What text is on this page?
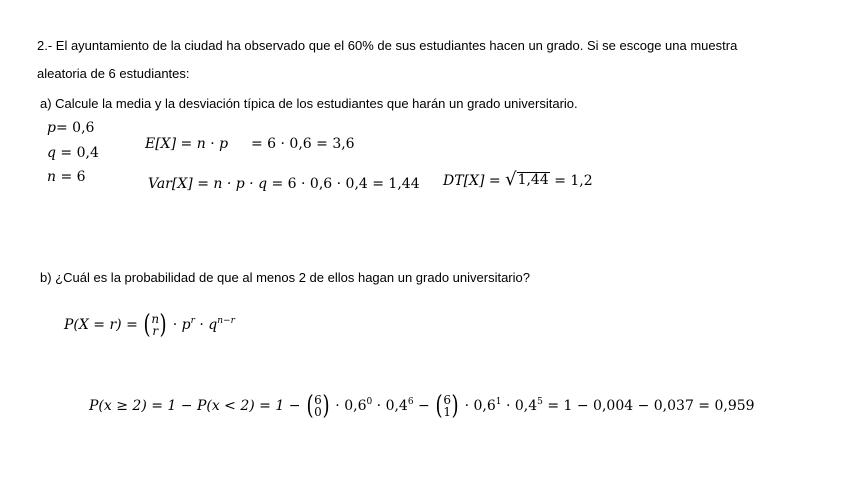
2.- El ayuntamiento de la ciudad ha observado que el 60% de sus estudiantes hacen un grado. Si se escoge una muestra
aleatoria de 6 estudiantes:
a) Calcule la media y la desviación típica de los estudiantes que harán un grado universitario.
p= 0,6
q = 0,4
n = 6
E[X] = n · p = 6 · 0,6 = 3,6
Var[X] = n · p · q = 6 · 0,6 · 0,4 = 1,44 DT[X] = √ 1,44 = 1,2
b) ¿Cuál es la probabilidad de que al menos 2 de ellos hagan un grado universitario?
P(X = r) = ( n
r ) · $p^r \cdot q^{n-r}$
P(x ≥ 2) = 1 − P(x < 2) = 1 − ( 6
0 ) · $0,6^0 \cdot 0,4^6$ − ( 6
1 ) · $0,6^1 \cdot 0,4^5 = 1 - 0,004 - 0,037 = 0,959$
